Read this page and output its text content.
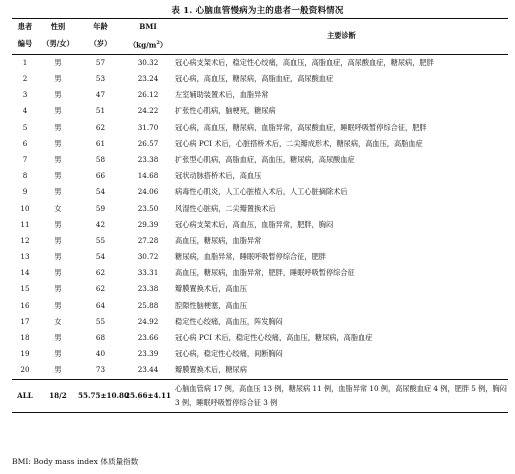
表 1. 心脑血管慢病为主的患者一般资料情况
患者	性别	年龄	BMI	主要诊断
编号	（男/女）	（岁）	$(kg/m^2)$	
1	男	57	30.32	冠心病支架术后，稳定性心绞痛，高血压，高脂血症，高尿酸血症，糖尿病，肥胖
2	男	53	23.24	冠心病，高血压，糖尿病，高脂血症，高尿酸血症
3	男	47	26.12	左室辅助装置术后，血脂异常
4	男	51	24.22	扩张性心肌病，脑梗死，糖尿病
5	男	62	31.70	冠心病，高血压，糖尿病，血脂异常，高尿酸血症，睡眠呼吸暂停综合征，肥胖
6	男	61	26.57	冠心病 PCI 术后，心脏搭桥术后，二尖瓣成形术，糖尿病，高血压，高脂血症
7	男	58	23.38	扩张型心肌病，高脂血症，高血压，糖尿病，高尿酸血症
8	男	66	14.68	冠状动脉搭桥术后，高血压
9	男	54	24.06	病毒性心肌炎，人工心脏植入术后，人工心脏摘除术后
10	女	59	23.50	风湿性心脏病，二尖瓣置换术后
11	男	42	29.39	冠心病支架术后，高血压，血脂异常，肥胖，胸闷
12	男	55	27.28	高血压，糖尿病，血脂异常
13	男	54	30.72	糖尿病，血脂异常，睡眠呼吸暂停综合征，肥胖
14	男	62	33.31	高血压，糖尿病，血脂异常，肥胖，睡眠呼吸暂停综合征
15	男	62	23.38	瓣膜置换术后，高血压
16	男	64	25.88	腔隙性脑梗塞，高血压
17	女	55	24.92	稳定性心绞痛，高血压，阵发胸闷
18	男	68	23.66	冠心病 PCI 术后，稳定性心绞痛，高血压，糖尿病，高脂血症
19	男	40	23.39	冠心病，稳定性心绞痛，间断胸闷
20	男	73	23.44	瓣膜置换术后，糖尿病
ALL	18/2	55.75±10.80	25.66±4.11	心脑血管病 17 例，高血压 13 例，糖尿病 11 例，血脂异常 10 例，高尿酸血症 4 例，肥胖 5 例，胸闷 3 例，睡眠呼吸暂停综合征 3 例
BMI: Body mass index 体质量指数
